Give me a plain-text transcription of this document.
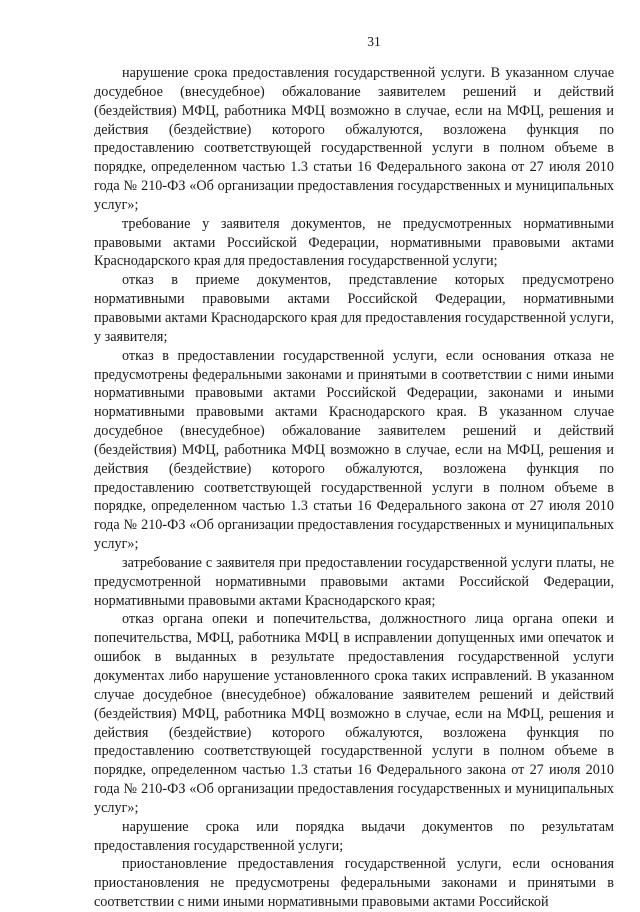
31

нарушение срока предоставления государственной услуги. В указанном случае досудебное (внесудебное) обжалование заявителем решений и действий (бездействия) МФЦ, работника МФЦ возможно в случае, если на МФЦ, решения и действия (бездействие) которого обжалуются, возложена функция по предоставлению соответствующей государственной услуги в полном объеме в порядке, определенном частью 1.3 статьи 16 Федерального закона от 27 июля 2010 года № 210-ФЗ «Об организации предоставления государственных и муниципальных услуг»;

требование у заявителя документов, не предусмотренных нормативными правовыми актами Российской Федерации, нормативными правовыми актами Краснодарского края для предоставления государственной услуги;

отказ в приеме документов, представление которых предусмотрено нормативными правовыми актами Российской Федерации, нормативными правовыми актами Краснодарского края для предоставления государственной услуги, у заявителя;

отказ в предоставлении государственной услуги, если основания отказа не предусмотрены федеральными законами и принятыми в соответствии с ними иными нормативными правовыми актами Российской Федерации, законами и иными нормативными правовыми актами Краснодарского края. В указанном случае досудебное (внесудебное) обжалование заявителем решений и действий (бездействия) МФЦ, работника МФЦ возможно в случае, если на МФЦ, решения и действия (бездействие) которого обжалуются, возложена функция по предоставлению соответствующей государственной услуги в полном объеме в порядке, определенном частью 1.3 статьи 16 Федерального закона от 27 июля 2010 года № 210-ФЗ «Об организации предоставления государственных и муниципальных услуг»;

затребование с заявителя при предоставлении государственной услуги платы, не предусмотренной нормативными правовыми актами Российской Федерации, нормативными правовыми актами Краснодарского края;

отказ органа опеки и попечительства, должностного лица органа опеки и попечительства, МФЦ, работника МФЦ в исправлении допущенных ими опечаток и ошибок в выданных в результате предоставления государственной услуги документах либо нарушение установленного срока таких исправлений. В указанном случае досудебное (внесудебное) обжалование заявителем решений и действий (бездействия) МФЦ, работника МФЦ возможно в случае, если на МФЦ, решения и действия (бездействие) которого обжалуются, возложена функция по предоставлению соответствующей государственной услуги в полном объеме в порядке, определенном частью 1.3 статьи 16 Федерального закона от 27 июля 2010 года № 210-ФЗ «Об организации предоставления государственных и муниципальных услуг»;

нарушение срока или порядка выдачи документов по результатам предоставления государственной услуги;

приостановление предоставления государственной услуги, если основания приостановления не предусмотрены федеральными законами и принятыми в соответствии с ними иными нормативными правовыми актами Российской
